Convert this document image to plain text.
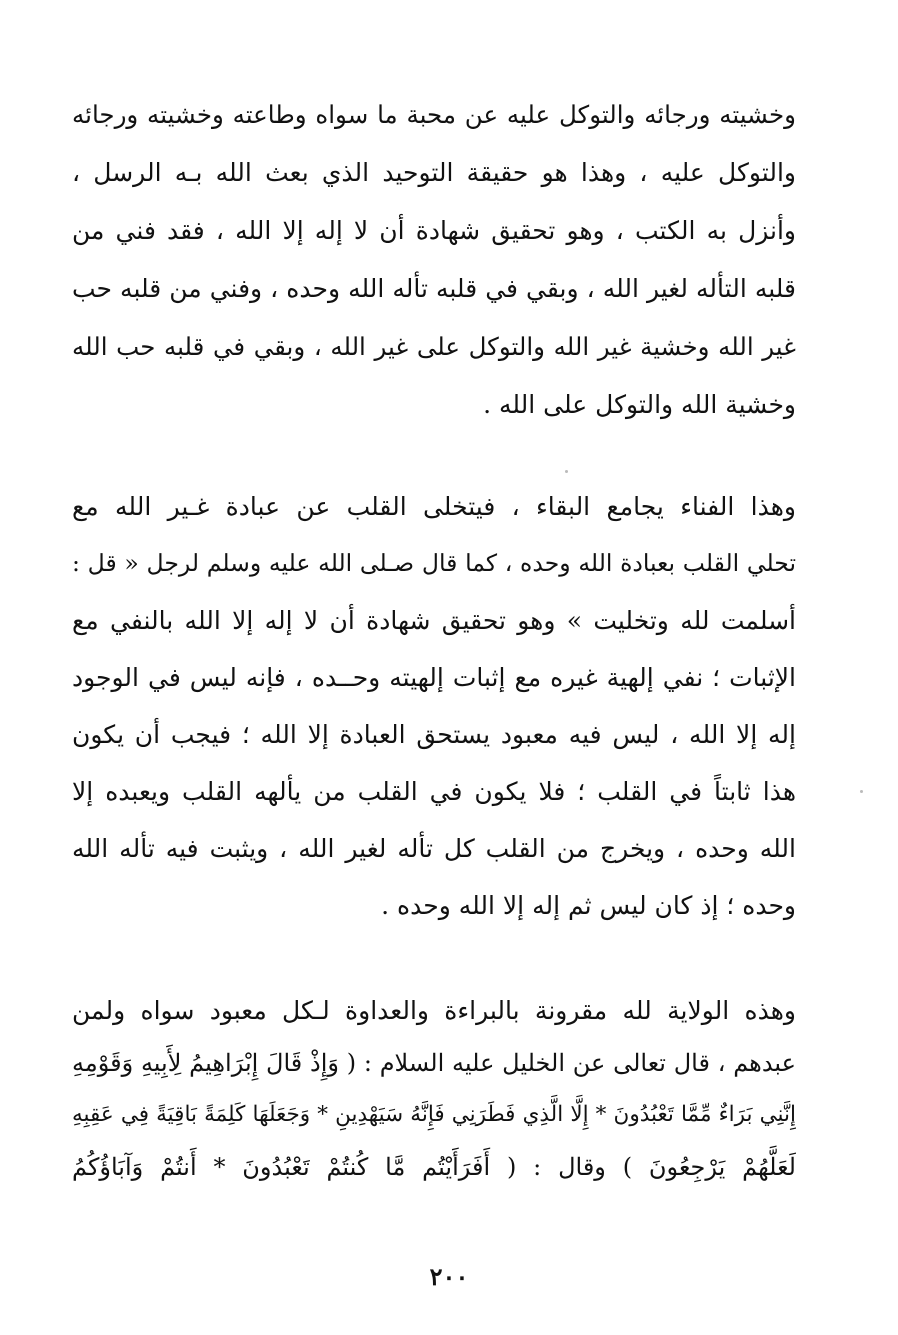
وخشيته ورجائه والتوكل عليه عن محبة ما سواه وطاعته وخشيته ورجائه
والتوكل عليه ، وهذا هو حقيقة التوحيد الذي بعث الله بـه الرسل ،
وأنزل به الكتب ، وهو تحقيق شهادة أن لا إله إلا الله ، فقد فني من
قلبه التأله لغير الله ، وبقي في قلبه تأله الله وحده ، وفني من قلبه حب
غير الله وخشية غير الله والتوكل على غير الله ، وبقي في قلبه حب الله
وخشية الله والتوكل على الله .
وهذا الفناء يجامع البقاء ، فيتخلى القلب عن عبادة غـير الله مع
تحلي القلب بعبادة الله وحده ، كما قال صـلى الله عليه وسلم لرجل « قل :
أسلمت لله وتخليت » وهو تحقيق شهادة أن لا إله إلا الله بالنفي مع
الإثبات ؛ نفي إلهية غيره مع إثبات إلهيته وحــده ، فإنه ليس في الوجود
إله إلا الله ، ليس فيه معبود يستحق العبادة إلا الله ؛ فيجب أن يكون
هذا ثابتاً في القلب ؛ فلا يكون في القلب من يألهه القلب ويعبده إلا
الله وحده ، ويخرج من القلب كل تأله لغير الله ، ويثبت فيه تأله الله
وحده ؛ إذ كان ليس ثم إله إلا الله وحده .
وهذه الولاية لله مقرونة بالبراءة والعداوة لـكل معبود سواه ولمن
عبدهم ، قال تعالى عن الخليل عليه السلام : ( وَإِذْ قَالَ إِبْرَاهِيمُ لِأَبِيهِ وَقَوْمِهِ
إِنَّنِي بَرَاءٌ مِّمَّا تَعْبُدُونَ * إِلَّا الَّذِي فَطَرَنِي فَإِنَّهُ سَيَهْدِينِ * وَجَعَلَهَا كَلِمَةً بَاقِيَةً فِي عَقِبِهِ
لَعَلَّهُمْ يَرْجِعُونَ ) وقال : ( أَفَرَأَيْتُم مَّا كُنتُمْ تَعْبُدُونَ * أَنتُمْ وَآبَاؤُكُمُ
٢٠٠
